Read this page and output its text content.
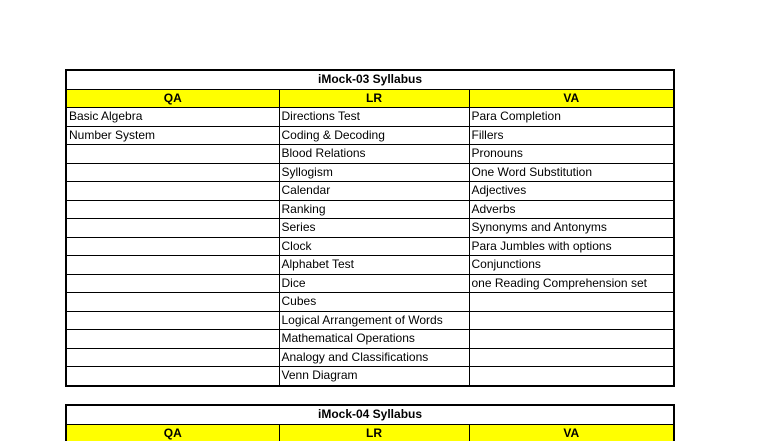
iMock-03 Syllabus		
QA	LR	VA
Basic Algebra	Directions Test	Para Completion
Number System	Coding & Decoding	Fillers
	Blood Relations	Pronouns
	Syllogism	One Word Substitution
	Calendar	Adjectives
	Ranking	Adverbs
	Series	Synonyms and Antonyms
	Clock	Para Jumbles with options
	Alphabet Test	Conjunctions
	Dice	one Reading Comprehension set
	Cubes	
	Logical Arrangement of Words	
	Mathematical Operations	
	Analogy and Classifications	
	Venn Diagram	
iMock-04 Syllabus
QA	LR	VA
